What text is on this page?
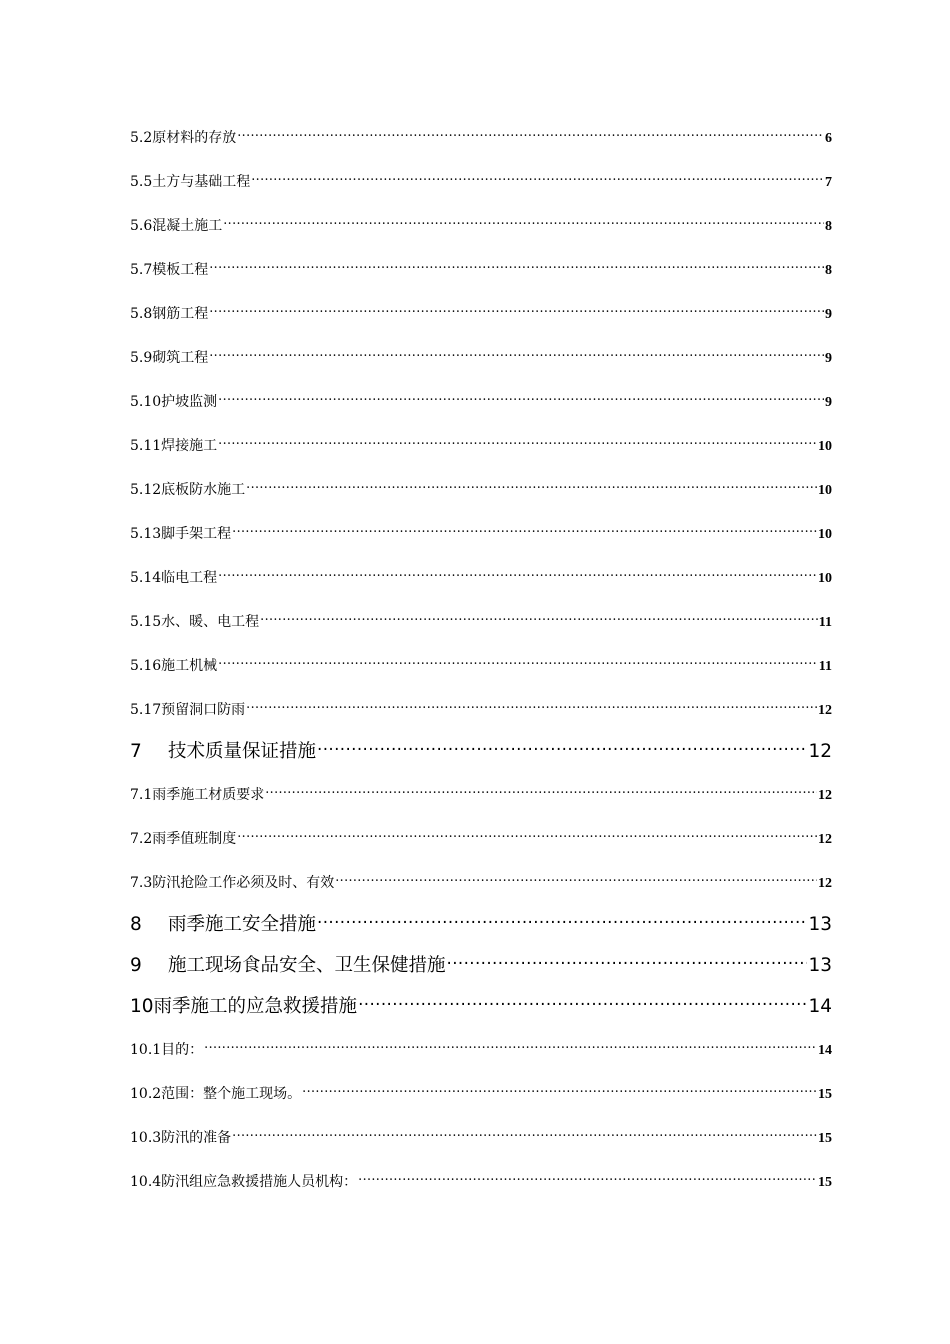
5.2 原材料的存放 .....	6
5.5 土方与基础工程 .....	7
5.6 混凝土施工 .....	8
5.7 模板工程 .....	8
5.8 钢筋工程 .....	9
5.9 砌筑工程 .....	9
5.10 护坡监测 .....	9
5.11 焊接施工 .....	10
5.12 底板防水施工 .....	10
5.13 脚手架工程 .....	10
5.14 临电工程 .....	10
5.15 水、暖、电工程 .....	11
5.16 施工机械 .....	11
5.17 预留洞口防雨 .....	12
7	技术质量保证措施 .....	12
7.1 雨季施工材质要求 .....	12
7.2 雨季值班制度 .....	12
7.3 防汛抢险工作必须及时、有效 .....	12
8	雨季施工安全措施 .....	13
9	施工现场食品安全、卫生保健措施 .....	13
10 雨季施工的应急救援措施 .....	14
10.1 目的： .....	14
10.2 范围：整个施工现场。 .....	15
10.3 防汛的准备 .....	15
10.4 防汛组应急救援措施人员机构： .....	15
